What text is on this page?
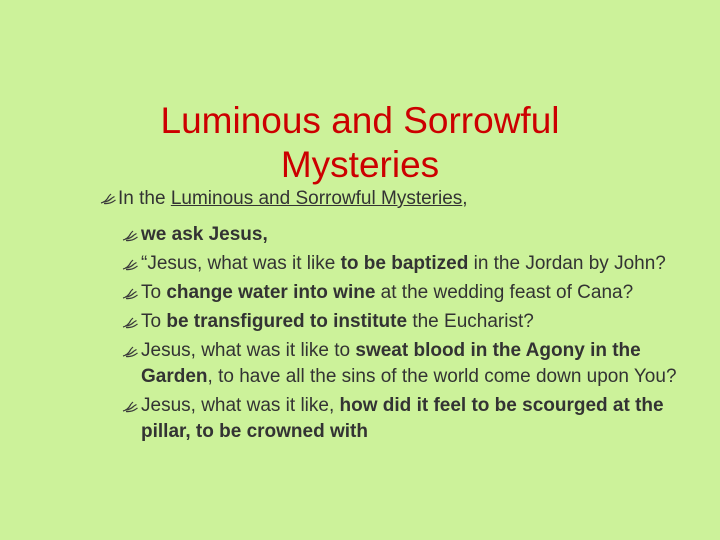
Luminous and Sorrowful
Mysteries
In the Luminous and Sorrowful Mysteries,
we ask Jesus,
“Jesus, what was it like to be baptized in the Jordan by John?
To change water into wine at the wedding feast of Cana?
To be transfigured to institute the Eucharist?
Jesus, what was it like to sweat blood in the Agony in the Garden, to have all the sins of the world come down upon You?
Jesus, what was it like, how did it feel to be scourged at the pillar, to be crowned with
